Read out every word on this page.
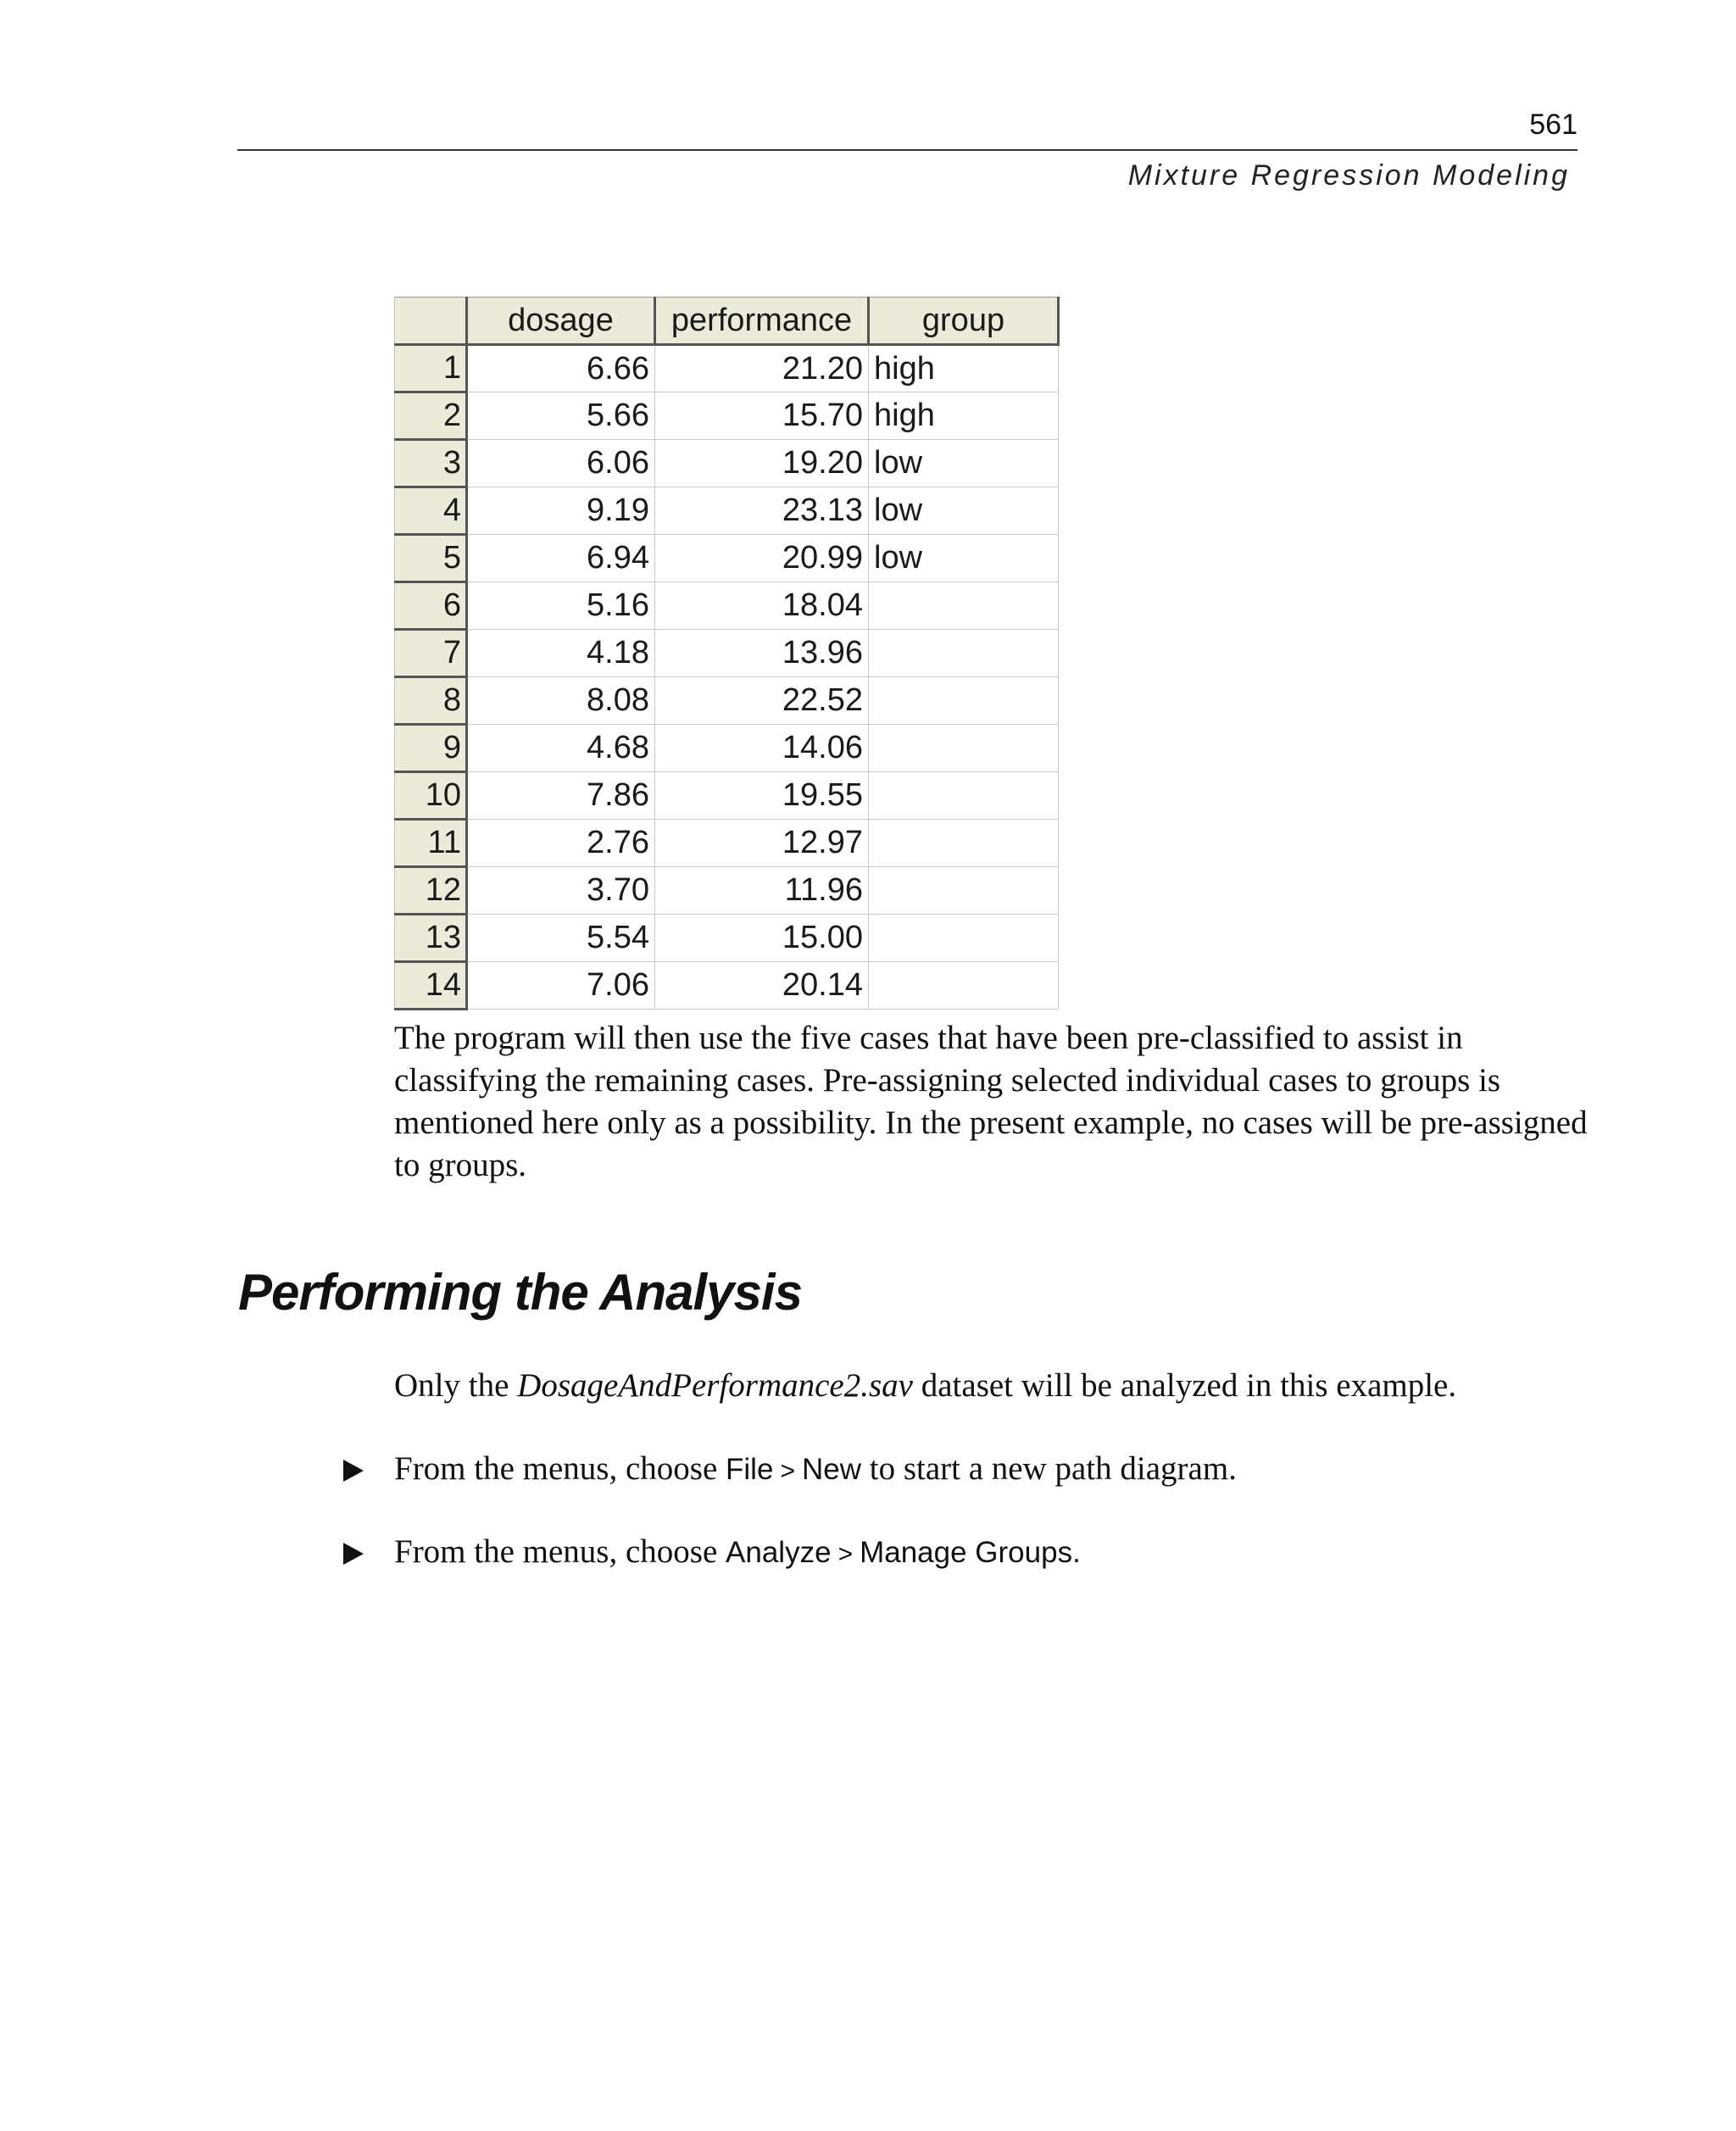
561
Mixture Regression Modeling
	dosage	performance	group
1	6.66	21.20	high
2	5.66	15.70	high
3	6.06	19.20	low
4	9.19	23.13	low
5	6.94	20.99	low
6	5.16	18.04	
7	4.18	13.96	
8	8.08	22.52	
9	4.68	14.06	
10	7.86	19.55	
11	2.76	12.97	
12	3.70	11.96	
13	5.54	15.00	
14	7.06	20.14	
The program will then use the five cases that have been pre-classified to assist in classifying the remaining cases. Pre-assigning selected individual cases to groups is mentioned here only as a possibility. In the present example, no cases will be pre-assigned to groups.
Performing the Analysis
Only the DosageAndPerformance2.sav dataset will be analyzed in this example.
From the menus, choose File > New to start a new path diagram.
From the menus, choose Analyze > Manage Groups.
